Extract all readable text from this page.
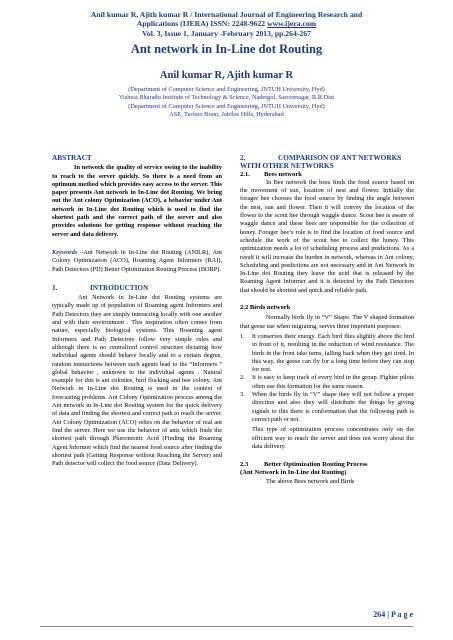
Anil kumar R, Ajith kumar R / International Journal of Engineering Research and
Applications (IJERA) ISSN: 2248-9622 www.ijera.com
Vol. 3, Issue 1, January -February 2013, pp.264-267
Ant network in In-Line dot Routing
Anil kumar R, Ajith kumar R
(Department of Computer Science and Engineering, JNTUH University, Hyd)
Vishwa Bharathi Institute of Technology & Science, Nadergul, Saroornagar, R.R.Dist
(Department of Computer Science and Engineering, JNTUH University, Hyd)
ASE, Techno Brain, Jubilee Hills, Hyderabad
ABSTRACT

In network the quality of service owing to the inability to reach to the server quickly. So there is a need from an optimum method which provides easy access to the server. This paper presents Ant network in In-Line dot Routing. We bring out the Ant colony Optimization (ACO), a behavior under Ant network in In-Line dot Routing which is used to find the shortest path and the correct path of the server and also provides solutions for getting response without reaching the server and data delivery.

Keywords –Ant Network in In-Line dot Routing (ANILR), Ant Colony Optimization (ACO), Roaming Agent Informers (RAI), Path Detectors (PD) Better Optimization Routing Process (BORP).

1.	INTRODUCTION

Ant Network in In-Line dot Routing systems are typically made up of population of Roaming agent Informers and Path Detectors they are simply interacting locally with one another and with their environment . This inspiration often comes from nature, especially biological systems. This Roaming agent Informers and Path Detectors follow very simple rules and although there is no centralized control structure dictating how individual agents should behave locally and to a certain degree, random interactions between such agents lead to the “Informers ” global behavior , unknown to the individual agents . Natural example for this is ant colonies, bird flocking and bee colony. Ant Network in In-Line dot Routing is used in the context of forecasting problems. Ant Colony Optimization process among the Ant network in In-Line dot Routing system for the quick delivery of data and finding the shortest and correct path to reach the server. Ant Colony Optimization (ACO) relies on the behavior of real ant find the server. Here we use the behavior of ants which finds the shortest path through Pheromonic Acid (Finding the Roaming Agent Informer which find the nearest food source after finding the shortest path (Getting Response without Reaching the Server) and Path detector will collect the food source (Data Delivery).

2.	COMPARISON OF ANT NETWORKS
WITH OTHER NETWORKS
2.1.	Bees network

In Bee network the bees finds the food source based on the movement of sun, location of nest and flower. Initially the forager bee chooses the food source by finding the angle between the nest, sun and flower. Then it will convey the location of the flower to the scout bee through waggle dance. Scout bee is aware of waggle dance and these bees are responsible for the collection of honey. Forager bee’s role is to find the location of food source and schedule the work of the scout bee to collect the honey. This optimization needs a lot of scheduling process and predictions. As a result it will increase the burden in network, whereas in Ant colony, Scheduling and predictions are not necessary and in Ant Network in In-Line dot Routing they leave the acid that is released by the Roaming Agent Informer and it is detected by the Path Detectors that should be shortest and quick and reliable path.

2.2 Birds network

Normally birds fly in “V” Shape. The V shaped formation that geese use when migrating, serves three important purposes:

1.	It conserves their energy. Each bird flies slightly above the bird in front of it, resulting in the reduction of wind resistance. The birds in the front take turns, falling back when they get tired. In this way, the geese can fly for a long time before they can stop for rest.
2.	It is easy to keep track of every bird in the group. Fighter pilots often use this formation for the same reason.
3.	When the birds fly in “V” shape they will not follow a proper direction and also they will distribute the things by giving signals to this there is conformation that the following path is correct path or not.

This type of optimization process concentrates only on the efficient way to reach the server and does not worry about the data delivery.

2.3 Better Optimization Routing Process
(Ant Network in In-Line dot Routing)

The above Bees network and Birds

264 | P a g e
